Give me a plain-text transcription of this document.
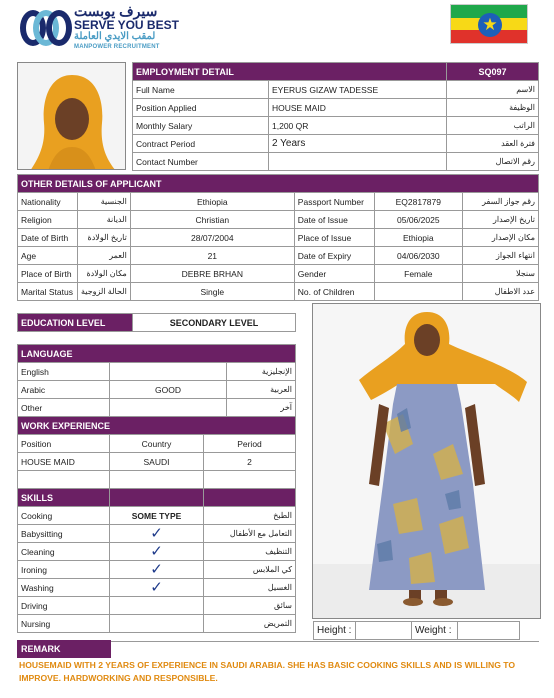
سيرف يوبست
SERVE YOU BEST
لمقب الايدي العاملة
MANPOWER RECRUITMENT
★
EMPLOYMENT DETAIL		SQ097
Full Name	EYERUS GIZAW TADESSE	الاسم
Position Applied	HOUSE MAID	الوظيفة
Monthly Salary	1,200 QR	الراتب
Contract Period	2 Years	فترة العقد
Contact Number		رقم الاتصال
OTHER DETAILS OF APPLICANT					
Nationality	الجنسية	Ethiopia	Passport Number	EQ2817879	رقم جواز السفر
Religion	الديانة	Christian	Date of Issue	05/06/2025	تاريخ الإصدار
Date of Birth	تاريخ الولادة	28/07/2004	Place of Issue	Ethiopia	مكان الإصدار
Age	العمر	21	Date of Expiry	04/06/2030	انتهاء الجواز
Place of Birth	مكان الولادة	DEBRE BRHAN	Gender	Female	سنجلا
Marital Status	الحالة الزوجية	Single	No. of Children		عدد الاطفال
EDUCATION LEVEL	SECONDARY LEVEL
LANGUAGE		
English		الإنجليزية
Arabic	GOOD	العربية
Other		آخر
WORK EXPERIENCE		
Position	Country	Period
HOUSE MAID	SAUDI	2

SKILLS		
Cooking	SOME TYPE	الطبخ
Babysitting	✓	التعامل مع الأطفال
Cleaning	✓	التنظيف
Ironing	✓	كي الملابس
Washing	✓	الغسيل
Driving		سائق
Nursing		التمريض
Height :		Weight :	
REMARK
HOUSEMAID WITH 2 YEARS OF EXPERIENCE IN SAUDI ARABIA. SHE HAS BASIC COOKING SKILLS AND IS WILLING TO IMPROVE. HARDWORKING AND RESPONSIBLE.
